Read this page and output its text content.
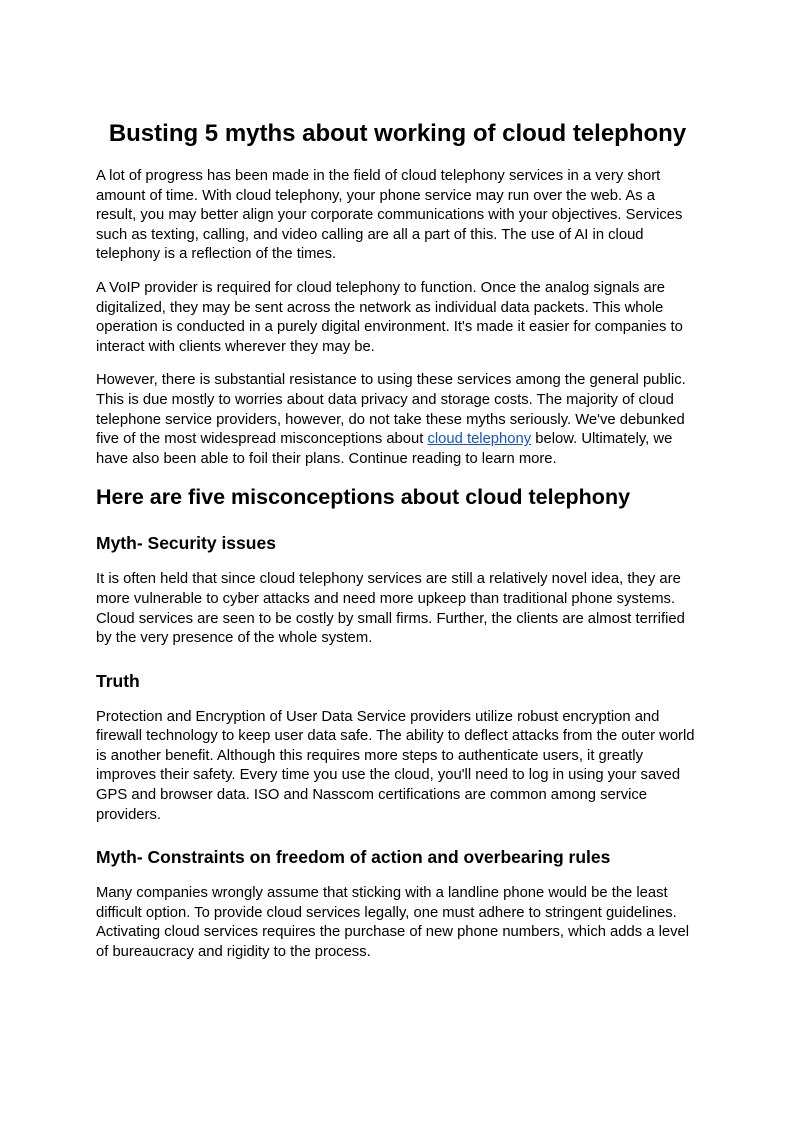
Busting 5 myths about working of cloud telephony

A lot of progress has been made in the field of cloud telephony services in a very short amount of time. With cloud telephony, your phone service may run over the web. As a result, you may better align your corporate communications with your objectives. Services such as texting, calling, and video calling are all a part of this. The use of AI in cloud telephony is a reflection of the times.

A VoIP provider is required for cloud telephony to function. Once the analog signals are digitalized, they may be sent across the network as individual data packets. This whole operation is conducted in a purely digital environment. It's made it easier for companies to interact with clients wherever they may be.

However, there is substantial resistance to using these services among the general public. This is due mostly to worries about data privacy and storage costs. The majority of cloud telephone service providers, however, do not take these myths seriously. We've debunked five of the most widespread misconceptions about cloud telephony below. Ultimately, we have also been able to foil their plans. Continue reading to learn more.

Here are five misconceptions about cloud telephony
Myth- Security issues

It is often held that since cloud telephony services are still a relatively novel idea, they are more vulnerable to cyber attacks and need more upkeep than traditional phone systems. Cloud services are seen to be costly by small firms. Further, the clients are almost terrified by the very presence of the whole system.

Truth

Protection and Encryption of User Data Service providers utilize robust encryption and firewall technology to keep user data safe. The ability to deflect attacks from the outer world is another benefit. Although this requires more steps to authenticate users, it greatly improves their safety. Every time you use the cloud, you'll need to log in using your saved GPS and browser data. ISO and Nasscom certifications are common among service providers.

Myth- Constraints on freedom of action and overbearing rules

Many companies wrongly assume that sticking with a landline phone would be the least difficult option. To provide cloud services legally, one must adhere to stringent guidelines. Activating cloud services requires the purchase of new phone numbers, which adds a level of bureaucracy and rigidity to the process.
